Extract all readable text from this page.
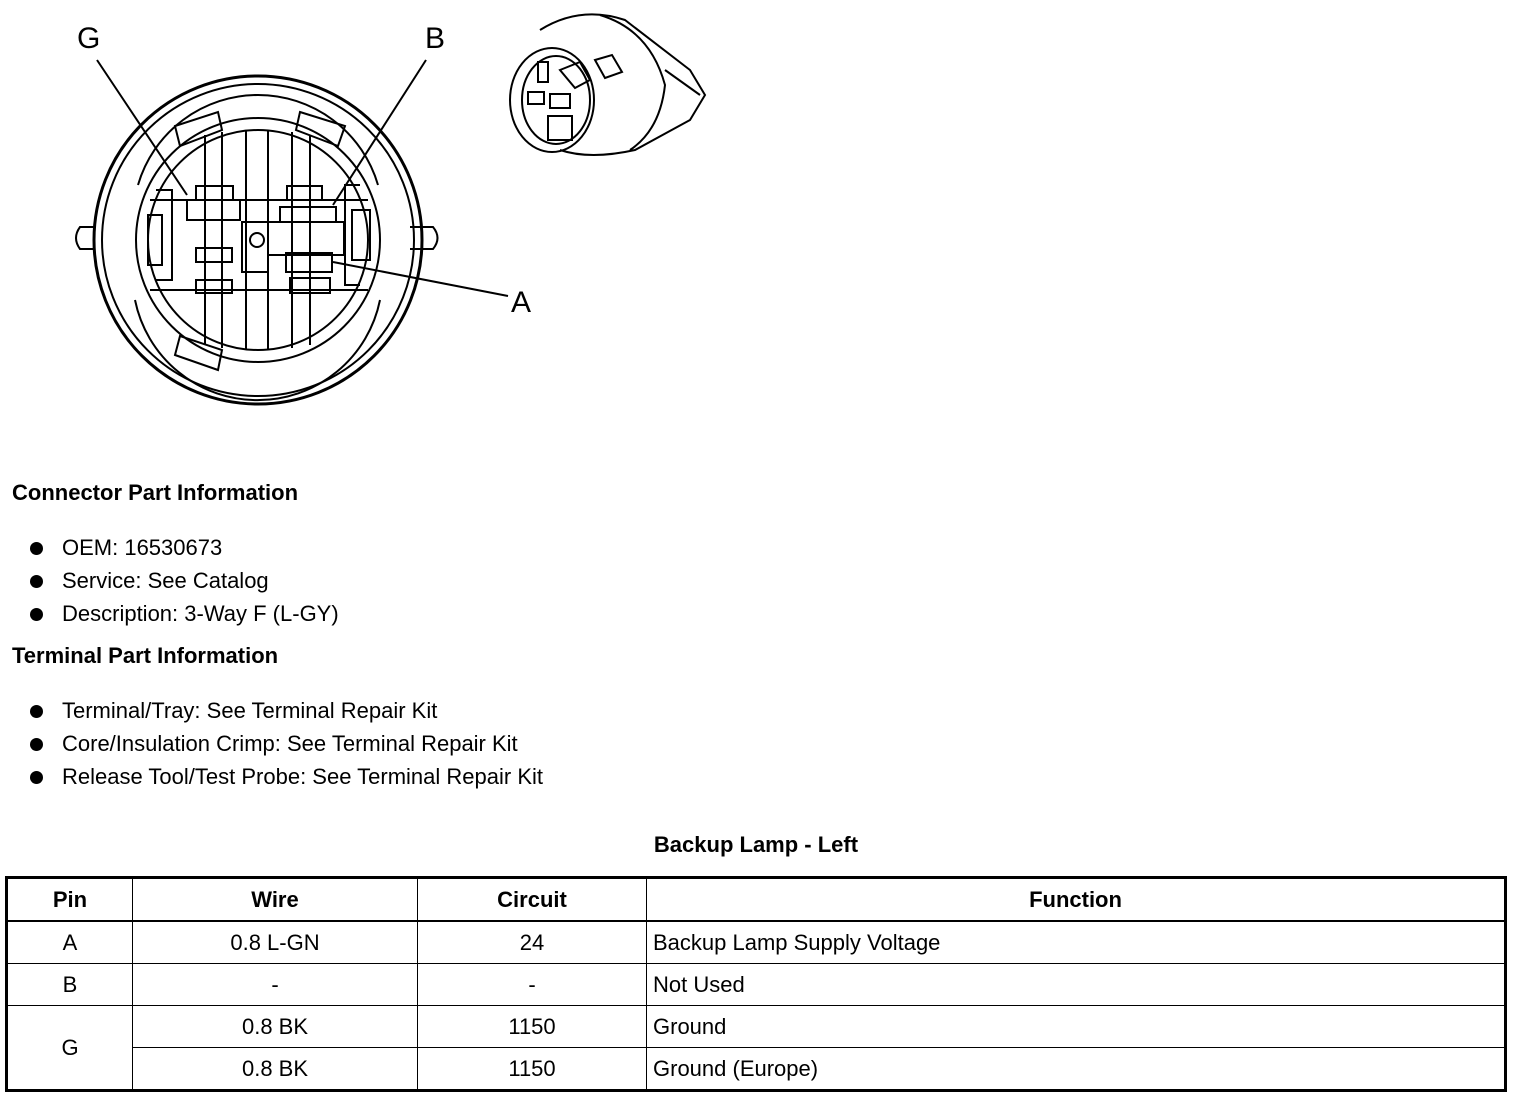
G	B
A
Connector Part Information
OEM: 16530673
Service: See Catalog
Description: 3-Way F (L-GY)
Terminal Part Information
Terminal/Tray: See Terminal Repair Kit
Core/Insulation Crimp: See Terminal Repair Kit
Release Tool/Test Probe: See Terminal Repair Kit
Backup Lamp - Left
Pin	Wire	Circuit	Function
A	0.8 L-GN	24	Backup Lamp Supply Voltage
B	-	-	Not Used
G	0.8 BK	1150	Ground
	0.8 BK	1150	Ground (Europe)
